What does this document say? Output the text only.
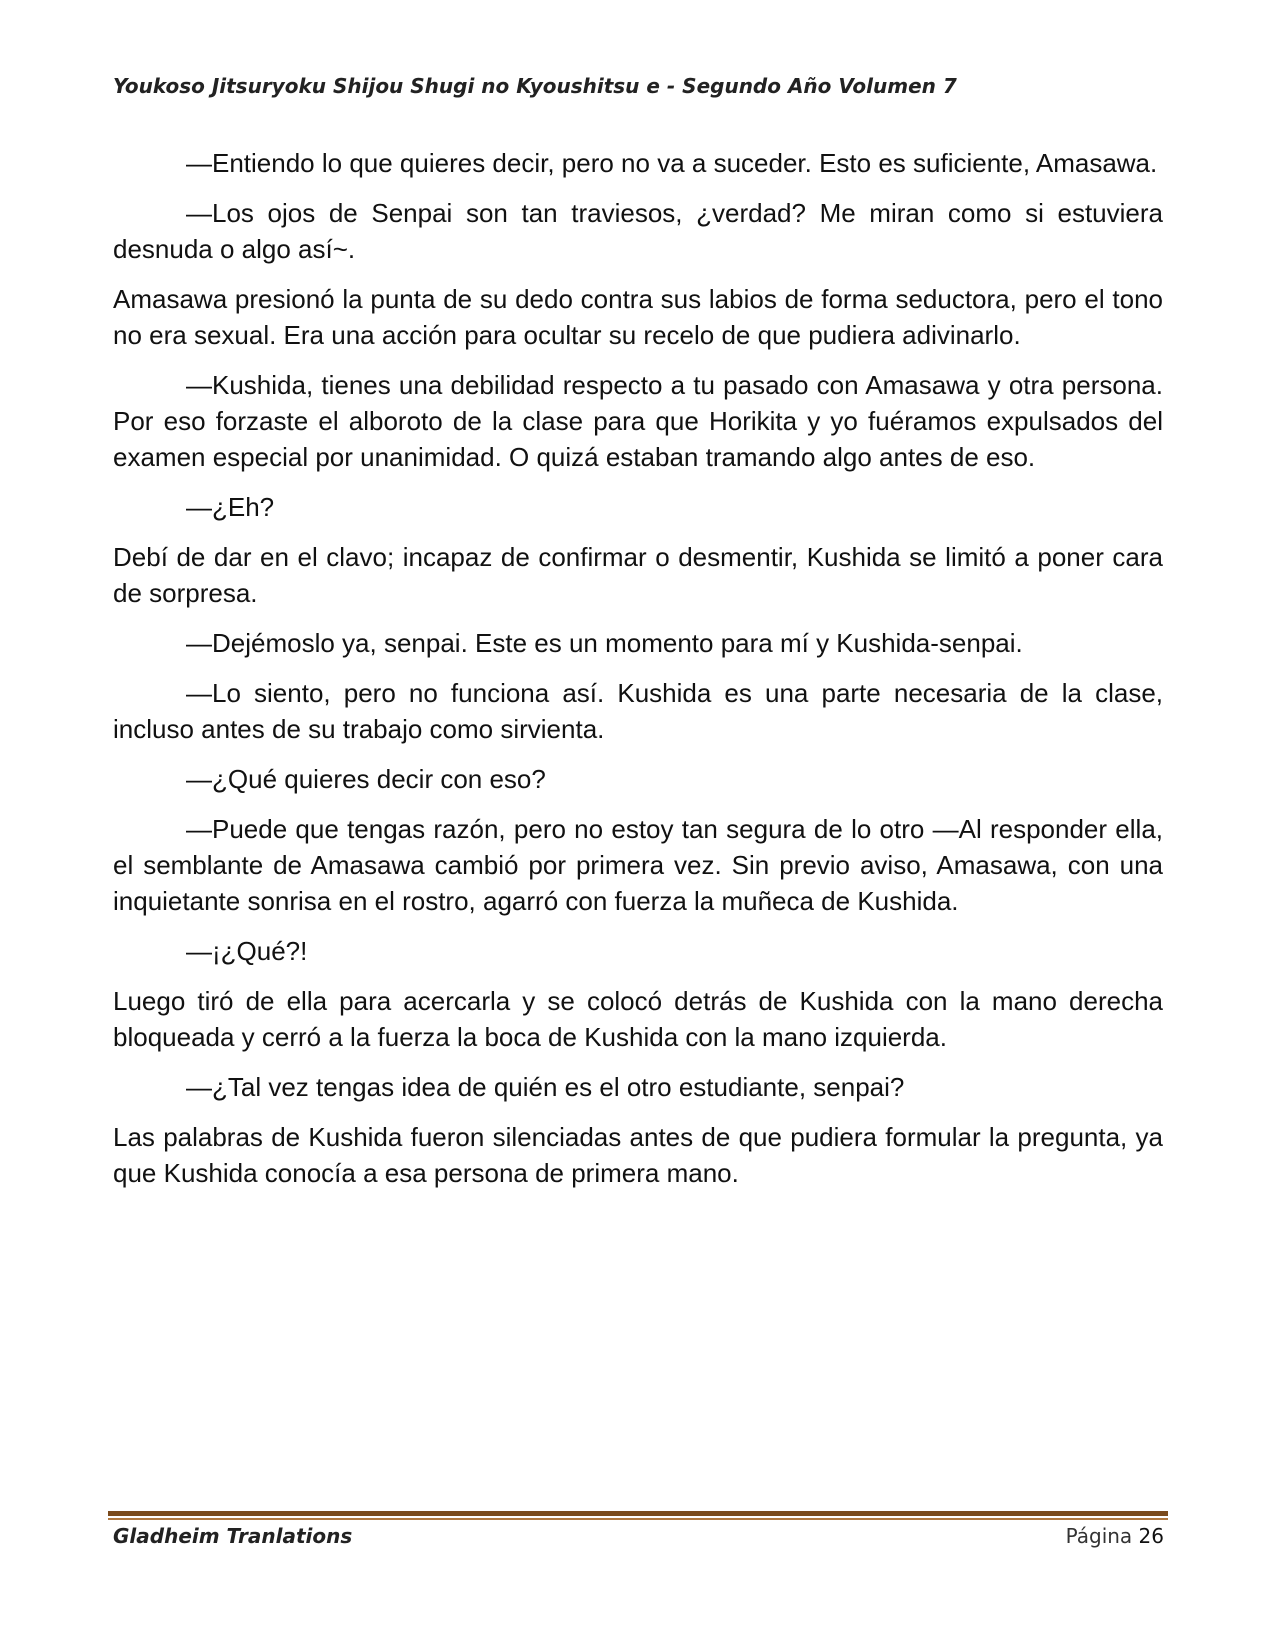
Youkoso Jitsuryoku Shijou Shugi no Kyoushitsu e - Segundo Año Volumen 7

—Entiendo lo que quieres decir, pero no va a suceder. Esto es suficiente, Amasawa.

—Los ojos de Senpai son tan traviesos, ¿verdad? Me miran como si estuviera desnuda o algo así~.

Amasawa presionó la punta de su dedo contra sus labios de forma seductora, pero el tono no era sexual. Era una acción para ocultar su recelo de que pudiera adivinarlo.

—Kushida, tienes una debilidad respecto a tu pasado con Amasawa y otra persona. Por eso forzaste el alboroto de la clase para que Horikita y yo fuéramos expulsados del examen especial por unanimidad. O quizá estaban tramando algo antes de eso.

—¿Eh?

Debí de dar en el clavo; incapaz de confirmar o desmentir, Kushida se limitó a poner cara de sorpresa.

—Dejémoslo ya, senpai. Este es un momento para mí y Kushida-senpai.

—Lo siento, pero no funciona así. Kushida es una parte necesaria de la clase, incluso antes de su trabajo como sirvienta.

—¿Qué quieres decir con eso?

—Puede que tengas razón, pero no estoy tan segura de lo otro —Al responder ella, el semblante de Amasawa cambió por primera vez. Sin previo aviso, Amasawa, con una inquietante sonrisa en el rostro, agarró con fuerza la muñeca de Kushida.

—¡¿Qué?!

Luego tiró de ella para acercarla y se colocó detrás de Kushida con la mano derecha bloqueada y cerró a la fuerza la boca de Kushida con la mano izquierda.

—¿Tal vez tengas idea de quién es el otro estudiante, senpai?

Las palabras de Kushida fueron silenciadas antes de que pudiera formular la pregunta, ya que Kushida conocía a esa persona de primera mano.

Gladheim Tranlations	Página 26
